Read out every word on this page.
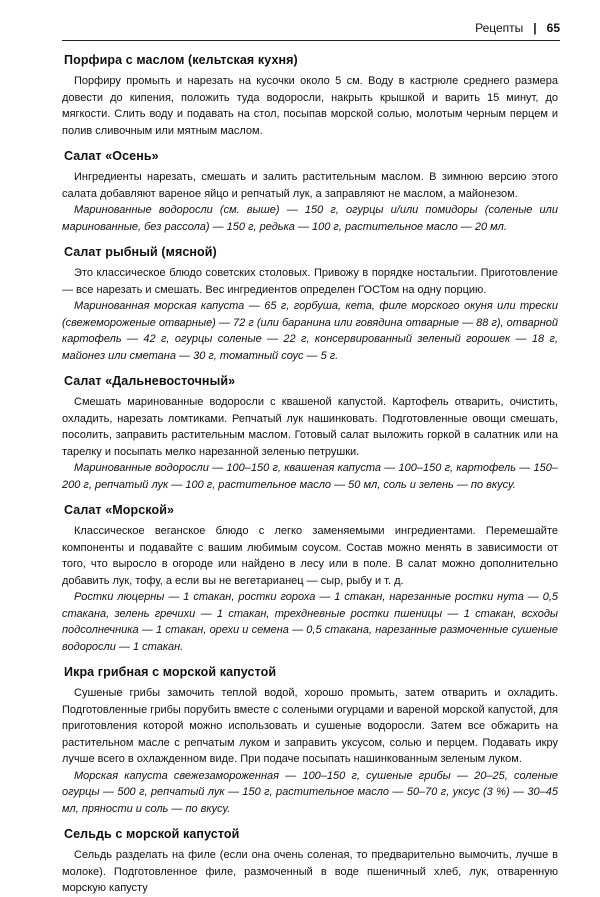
Рецепты | 65
Порфира с маслом (кельтская кухня)

Порфиру промыть и нарезать на кусочки около 5 см. Воду в кастрюле среднего размера довести до кипения, положить туда водоросли, накрыть крышкой и варить 15 минут, до мягкости. Слить воду и подавать на стол, посыпав морской солью, молотым черным перцем и полив сливочным или мятным маслом.

Салат «Осень»

Ингредиенты нарезать, смешать и залить растительным маслом. В зимнюю версию этого салата добавляют вареное яйцо и репчатый лук, а заправляют не маслом, а майонезом.

Маринованные водоросли (см. выше) — 150 г, огурцы и/или помидоры (соленые или маринованные, без рассола) — 150 г, редька — 100 г, растительное масло — 20 мл.

Салат рыбный (мясной)

Это классическое блюдо советских столовых. Привожу в порядке ностальгии. Приготовление — все нарезать и смешать. Вес ингредиентов определен ГОСТом на одну порцию.

Маринованная морская капуста — 65 г, горбуша, кета, филе морского окуня или трески (свежемороженые отварные) — 72 г (или баранина или говядина отварные — 88 г), отварной картофель — 42 г, огурцы соленые — 22 г, консервированный зеленый горошек — 18 г, майонез или сметана — 30 г, томатный соус — 5 г.

Салат «Дальневосточный»

Смешать маринованные водоросли с квашеной капустой. Картофель отварить, очистить, охладить, нарезать ломтиками. Репчатый лук нашинковать. Подготовленные овощи смешать, посолить, заправить растительным маслом. Готовый салат выложить горкой в салатник или на тарелку и посыпать мелко нарезанной зеленью петрушки.

Маринованные водоросли — 100–150 г, квашеная капуста — 100–150 г, картофель — 150–200 г, репчатый лук — 100 г, растительное масло — 50 мл, соль и зелень — по вкусу.

Салат «Морской»

Классическое веганское блюдо с легко заменяемыми ингредиентами. Перемешайте компоненты и подавайте с вашим любимым соусом. Состав можно менять в зависимости от того, что выросло в огороде или найдено в лесу или в поле. В салат можно дополнительно добавить лук, тофу, а если вы не вегетарианец — сыр, рыбу и т. д.

Ростки люцерны — 1 стакан, ростки гороха — 1 стакан, нарезанные ростки нута — 0,5 стакана, зелень гречихи — 1 стакан, трехдневные ростки пшеницы — 1 стакан, всходы подсолнечника — 1 стакан, орехи и семена — 0,5 стакана, нарезанные размоченные сушеные водоросли — 1 стакан.

Икра грибная с морской капустой

Сушеные грибы замочить теплой водой, хорошо промыть, затем отварить и охладить. Подготовленные грибы порубить вместе с солеными огурцами и вареной морской капустой, для приготовления которой можно использовать и сушеные водоросли. Затем все обжарить на растительном масле с репчатым луком и заправить уксусом, солью и перцем. Подавать икру лучше всего в охлажденном виде. При подаче посыпать нашинкованным зеленым луком.

Морская капуста свежезамороженная — 100–150 г, сушеные грибы — 20–25, соленые огурцы — 500 г, репчатый лук — 150 г, растительное масло — 50–70 г, уксус (3 %) — 30–45 мл, пряности и соль — по вкусу.

Сельдь с морской капустой

Сельдь разделать на филе (если она очень соленая, то предварительно вымочить, лучше в молоке). Подготовленное филе, размоченный в воде пшеничный хлеб, лук, отваренную морскую капусту
